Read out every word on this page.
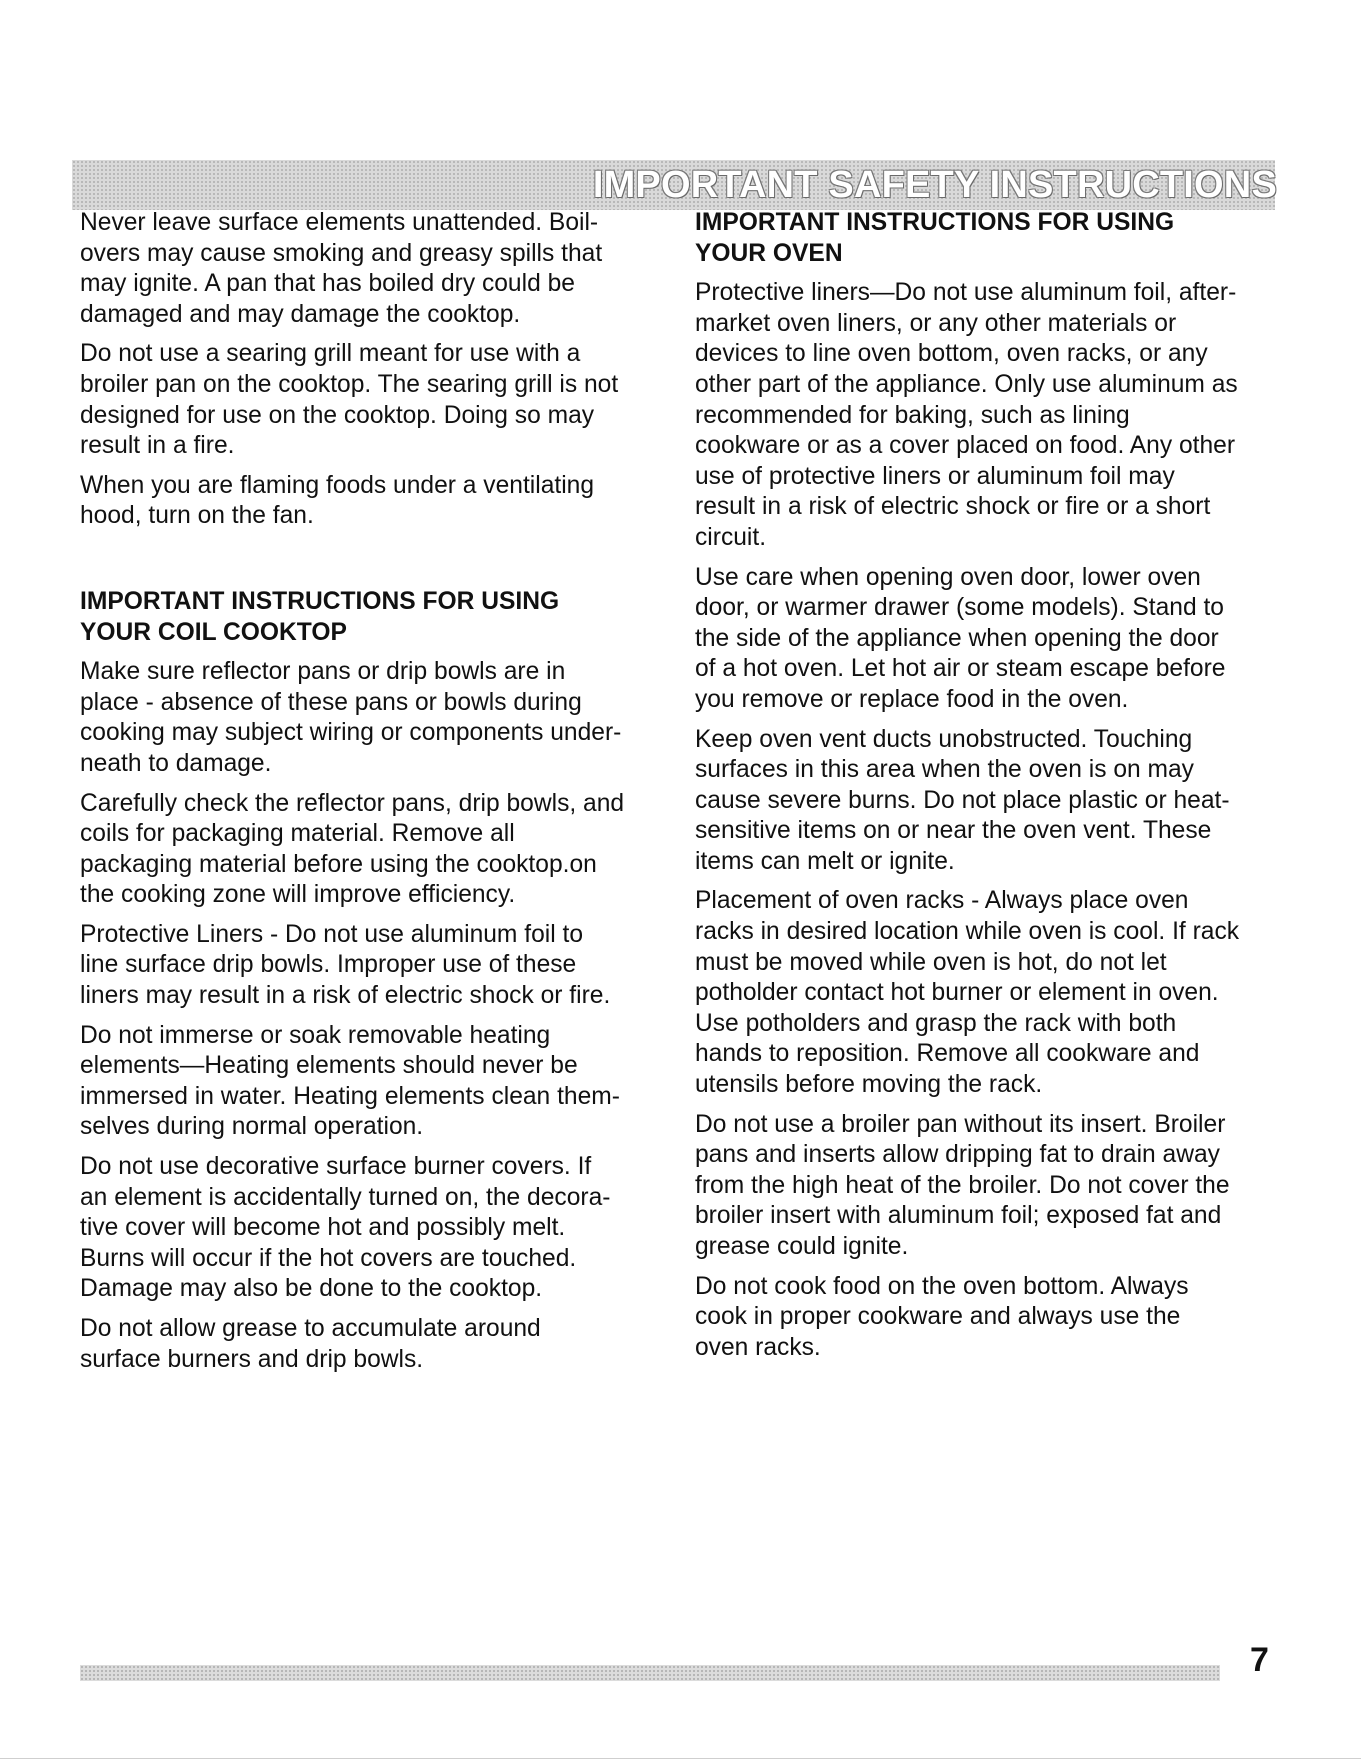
IMPORTANT SAFETY INSTRUCTIONS

Never leave surface elements unattended. Boil-
overs may cause smoking and greasy spills that
may ignite. A pan that has boiled dry could be
damaged and may damage the cooktop.

Do not use a searing grill meant for use with a
broiler pan on the cooktop. The searing grill is not
designed for use on the cooktop. Doing so may
result in a fire.

When you are flaming foods under a ventilating
hood, turn on the fan.

IMPORTANT INSTRUCTIONS FOR USING
YOUR COIL COOKTOP

Make sure reflector pans or drip bowls are in
place - absence of these pans or bowls during
cooking may subject wiring or components under-
neath to damage.

Carefully check the reflector pans, drip bowls, and
coils for packaging material. Remove all
packaging material before using the cooktop.on
the cooking zone will improve efficiency.

Protective Liners - Do not use aluminum foil to
line surface drip bowls. Improper use of these
liners may result in a risk of electric shock or fire.

Do not immerse or soak removable heating
elements—Heating elements should never be
immersed in water. Heating elements clean them-
selves during normal operation.

Do not use decorative surface burner covers. If
an element is accidentally turned on, the decora-
tive cover will become hot and possibly melt.
Burns will occur if the hot covers are touched.
Damage may also be done to the cooktop.

Do not allow grease to accumulate around
surface burners and drip bowls.

IMPORTANT INSTRUCTIONS FOR USING
YOUR OVEN

Protective liners—Do not use aluminum foil, after-
market oven liners, or any other materials or
devices to line oven bottom, oven racks, or any
other part of the appliance. Only use aluminum as
recommended for baking, such as lining
cookware or as a cover placed on food. Any other
use of protective liners or aluminum foil may
result in a risk of electric shock or fire or a short
circuit.

Use care when opening oven door, lower oven
door, or warmer drawer (some models). Stand to
the side of the appliance when opening the door
of a hot oven. Let hot air or steam escape before
you remove or replace food in the oven.

Keep oven vent ducts unobstructed. Touching
surfaces in this area when the oven is on may
cause severe burns. Do not place plastic or heat-
sensitive items on or near the oven vent. These
items can melt or ignite.

Placement of oven racks - Always place oven
racks in desired location while oven is cool. If rack
must be moved while oven is hot, do not let
potholder contact hot burner or element in oven.
Use potholders and grasp the rack with both
hands to reposition. Remove all cookware and
utensils before moving the rack.

Do not use a broiler pan without its insert. Broiler
pans and inserts allow dripping fat to drain away
from the high heat of the broiler. Do not cover the
broiler insert with aluminum foil; exposed fat and
grease could ignite.

Do not cook food on the oven bottom. Always
cook in proper cookware and always use the
oven racks.

7
